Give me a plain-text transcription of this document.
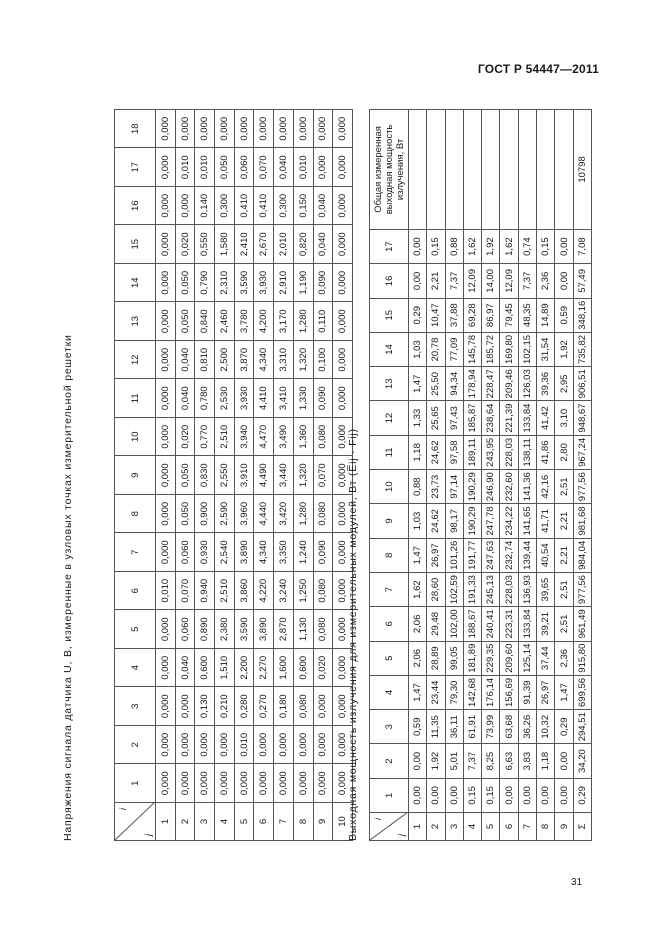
ГОСТ Р 54447—2011
Напряжения сигнала датчика U, В, измеренные в узловых точках измерительной решетки	i
j	1	2	3	4	5	6	7	8	9	10	11	12	13	14	15	16	17	18
1	0,000	0,000	0,000	0,000	0,000	0,010	0,000	0,000	0,000	0,000	0,000	0,000	0,000	0,000	0,000	0,000	0,000	0,000
2	0,000	0,000	0,000	0,040	0,060	0,070	0,060	0,050	0,050	0,020	0,040	0,040	0,050	0,050	0,020	0,000	0,010	0,000
3	0,000	0,000	0,130	0,600	0,890	0,940	0,930	0,900	0,830	0,770	0,780	0,810	0,840	0,790	0,550	0,140	0,010	0,000
4	0,000	0,000	0,210	1,510	2,380	2,510	2,540	2,590	2,550	2,510	2,530	2,500	2,460	2,310	1,580	0,300	0,050	0,000
5	0,000	0,010	0,280	2,200	3,590	3,860	3,890	3,960	3,910	3,940	3,930	3,870	3,780	3,590	2,410	0,410	0,060	0,000
6	0,000	0,000	0,270	2,270	3,890	4,220	4,340	4,440	4,490	4,470	4,410	4,340	4,200	3,930	2,670	0,410	0,070	0,000
7	0,000	0,000	0,180	1,600	2,870	3,240	3,350	3,420	3,440	3,490	3,410	3,310	3,170	2,910	2,010	0,300	0,040	0,000
8	0,000	0,000	0,080	0,600	1,130	1,250	1,240	1,280	1,320	1,360	1,330	1,320	1,280	1,190	0,820	0,150	0,010	0,000
9	0,000	0,000	0,000	0,020	0,080	0,080	0,090	0,080	0,070	0,080	0,090	0,100	0,110	0,090	0,040	0,040	0,000	0,000
10	0,000	0,000	0,000	0,000	0,000	0,000	0,000	0,000	0,000	0,000	0,000	0,000	0,000	0,000	0,000	0,000	0,000	0,000
Выходная мощность излучения для измерительных модулей, Вт (E̅ij · Fij) i
j	1	2	3	4	5	6	7	8	9	10	11	12	13	14	15	16	17	Общая измеренная выходная мощность излучения, Вт
1	0,00	0,00	0,59	1,47	2,06	2,06	1,62	1,47	1,03	0,88	1,18	1,33	1,47	1,03	0,29	0,00	0,00	
2	0,00	1,92	11,35	23,44	28,89	29,48	28,60	26,97	24,62	23,73	24,62	25,65	25,50	20,78	10,47	2,21	0,15	
3	0,00	5,01	36,11	79,30	99,05	102,00	102,59	101,26	98,17	97,14	97,58	97,43	94,34	77,09	37,88	7,37	0,88	
4	0,15	7,37	61,91	142,68	181,89	188,67	191,33	191,77	190,29	190,29	189,11	185,87	178,94	145,78	69,28	12,09	1,62	
5	0,15	8,25	73,99	176,14	229,35	240,41	245,13	247,63	247,78	246,90	243,95	238,64	228,47	185,72	86,97	14,00	1,92	
6	0,00	6,63	63,68	156,69	209,60	223,31	228,03	232,74	234,22	232,60	228,03	221,39	209,46	169,80	79,45	12,09	1,62	
7	0,00	3,83	36,26	91,39	125,14	133,84	136,93	139,44	141,65	141,36	138,11	133,84	126,03	102,15	48,35	7,37	0,74	
8	0,00	1,18	10,32	26,97	37,44	39,21	39,65	40,54	41,71	42,16	41,86	41,42	39,36	31,54	14,89	2,36	0,15	
9	0,00	0,00	0,29	1,47	2,36	2,51	2,51	2,21	2,21	2,51	2,80	3,10	2,95	1,92	0,59	0,00	0,00	
Σ	0,29	34,20	294,51	699,56	915,80	961,49	977,56	984,04	981,68	977,56	967,24	948,67	906,51	735,82	348,16	57,49	7,08	10798
31
